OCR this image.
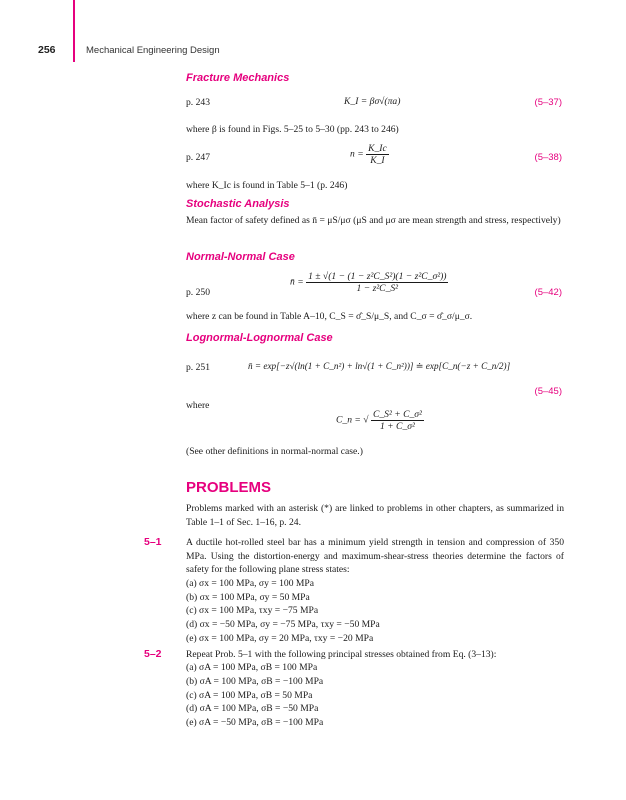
256	Mechanical Engineering Design
Fracture Mechanics
p. 243	K_I = βσ√(πa)	(5–37)
where β is found in Figs. 5–25 to 5–30 (pp. 243 to 246)
p. 247	$n = \frac{K\_Ic}{K\_I}$	(5–38)
where K_Ic is found in Table 5–1 (p. 246)
Stochastic Analysis
Mean factor of safety defined as n̄ = μS/μσ (μS and μσ are mean strength and stress, respectively)
Normal-Normal Case
p. 250
n̄ = $\frac{\text{1 ± √(1 − (1 − z²C\_S²)(1 − z²C\_σ²))}}{\text{1 − z²C\_S²}}$	(5–42)
where z can be found in Table A–10, C_S = σ̂_S/μ_S, and C_σ = σ̂_σ/μ_σ.
Lognormal-Lognormal Case
p. 251	n̄ = exp[−z√(ln(1 + C_n²) + ln√(1 + C_n²))] ≐ exp[C_n(−z + C_n/2)]
(5–45)
where
C_n = √ $\frac{\text{C\_S² + C\_σ²}}{\text{1 + C\_σ²}}$
(See other definitions in normal-normal case.)
PROBLEMS
Problems marked with an asterisk (*) are linked to problems in other chapters, as summarized in Table 1–1 of Sec. 1–16, p. 24.
5–1	A ductile hot-rolled steel bar has a minimum yield strength in tension and compression of 350 MPa. Using the distortion-energy and maximum-shear-stress theories determine the factors of safety for the following plane stress states:
(a) σx = 100 MPa, σy = 100 MPa
(b) σx = 100 MPa, σy = 50 MPa
(c) σx = 100 MPa, τxy = −75 MPa
(d) σx = −50 MPa, σy = −75 MPa, τxy = −50 MPa
(e) σx = 100 MPa, σy = 20 MPa, τxy = −20 MPa
5–2	Repeat Prob. 5–1 with the following principal stresses obtained from Eq. (3–13):
(a) σA = 100 MPa, σB = 100 MPa
(b) σA = 100 MPa, σB = −100 MPa
(c) σA = 100 MPa, σB = 50 MPa
(d) σA = 100 MPa, σB = −50 MPa
(e) σA = −50 MPa, σB = −100 MPa
